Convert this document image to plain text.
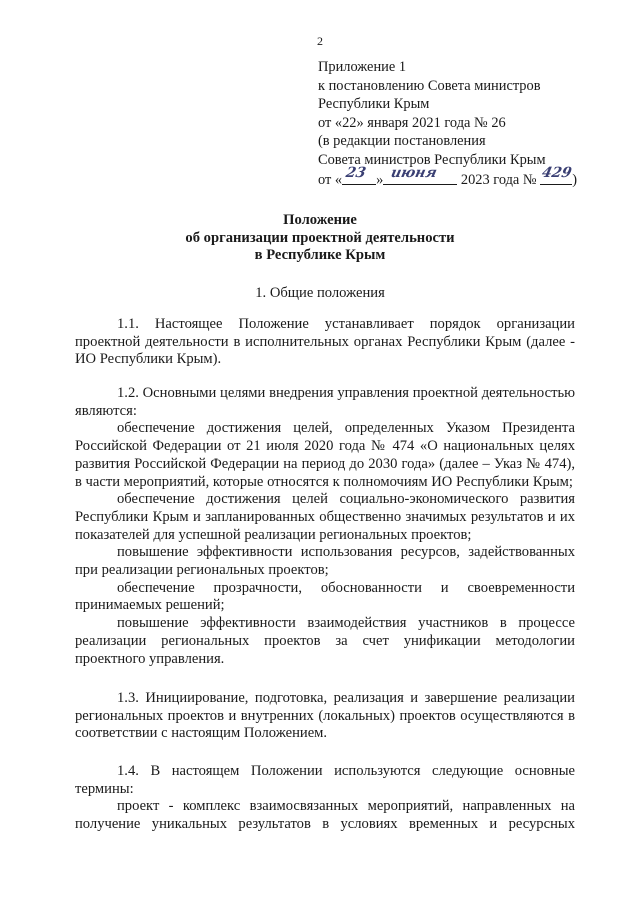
2
Приложение 1
к постановлению Совета министров
Республики Крым
от «22» января 2021 года № 26
(в редакции постановления
Совета министров Республики Крым
от « 23 » июня 2023 года № 429 )
Положение
об организации проектной деятельности
в Республике Крым
1. Общие положения

1.1. Настоящее Положение устанавливает порядок организации проектной деятельности в исполнительных органах Республики Крым (далее - ИО Республики Крым).

1.2. Основными целями внедрения управления проектной деятельностью являются:

обеспечение достижения целей, определенных Указом Президента Российской Федерации от 21 июля 2020 года № 474 «О национальных целях развития Российской Федерации на период до 2030 года» (далее – Указ № 474), в части мероприятий, которые относятся к полномочиям ИО Республики Крым;

обеспечение достижения целей социально-экономического развития Республики Крым и запланированных общественно значимых результатов и их показателей для успешной реализации региональных проектов;

повышение эффективности использования ресурсов, задействованных при реализации региональных проектов;

обеспечение прозрачности, обоснованности и своевременности принимаемых решений;

повышение эффективности взаимодействия участников в процессе реализации региональных проектов за счет унификации методологии проектного управления.

1.3. Инициирование, подготовка, реализация и завершение реализации региональных проектов и внутренних (локальных) проектов осуществляются в соответствии с настоящим Положением.

1.4. В настоящем Положении используются следующие основные термины:

проект - комплекс взаимосвязанных мероприятий, направленных на получение уникальных результатов в условиях временных и ресурсных
